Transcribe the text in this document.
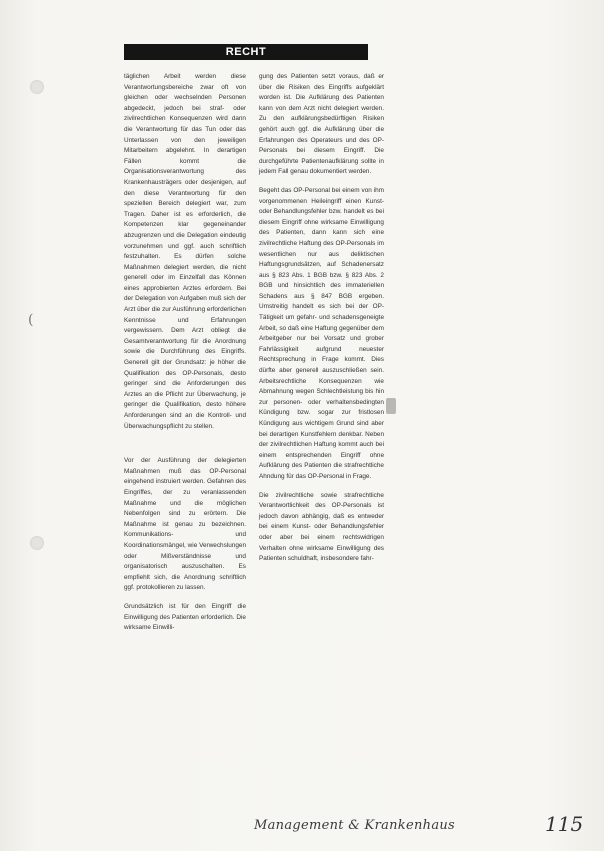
RECHT

täglichen Arbeit werden diese Verantwortungsbereiche zwar oft von gleichen oder wechselnden Personen abgedeckt, jedoch bei straf- oder zivilrechtlichen Konsequenzen wird dann die Verantwortung für das Tun oder das Unterlassen von den jeweiligen Mitarbeitern abgelehnt. In derartigen Fällen kommt die Organisationsverantwortung des Krankenhausträgers oder desjenigen, auf den diese Verantwortung für den speziellen Bereich delegiert war, zum Tragen. Daher ist es erforderlich, die Kompetenzen klar gegeneinander abzugrenzen und die Delegation eindeutig vorzunehmen und ggf. auch schriftlich festzuhalten. Es dürfen solche Maßnahmen delegiert werden, die nicht generell oder im Einzelfall das Können eines approbierten Arztes erfordern. Bei der Delegation von Aufgaben muß sich der Arzt über die zur Ausführung erforderlichen Kenntnisse und Erfahrungen vergewissern. Dem Arzt obliegt die Gesamtverantwortung für die Anordnung sowie die Durchführung des Eingriffs. Generell gilt der Grundsatz: je höher die Qualifikation des OP-Personals, desto geringer sind die Anforderungen des Arztes an die Pflicht zur Überwachung, je geringer die Qualifikation, desto höhere Anforderungen sind an die Kontroll- und Überwachungspflicht zu stellen.

Vor der Ausführung der delegierten Maßnahmen muß das OP-Personal eingehend instruiert werden. Gefahren des Eingriffes, der zu veranlassenden Maßnahme und die möglichen Nebenfolgen sind zu erörtern. Die Maßnahme ist genau zu bezeichnen. Kommunikations- und Koordinationsmängel, wie Verwechslungen oder Mißverständnisse und organisatorisch auszuschalten. Es empfiehlt sich, die Anordnung schriftlich ggf. protokollieren zu lassen.

Grundsätzlich ist für den Eingriff die Einwilligung des Patienten erforderlich. Die wirksame Einwilli-

gung des Patienten setzt voraus, daß er über die Risiken des Eingriffs aufgeklärt worden ist. Die Aufklärung des Patienten kann von dem Arzt nicht delegiert werden. Zu den aufklärungsbedürftigen Risiken gehört auch ggf. die Aufklärung über die Erfahrungen des Operateurs und des OP-Personals bei diesem Eingriff. Die durchgeführte Patientenaufklärung sollte in jedem Fall genau dokumentiert werden.

Begeht das OP-Personal bei einem von ihm vorgenommenen Heileingriff einen Kunst- oder Behandlungsfehler bzw. handelt es bei diesem Eingriff ohne wirksame Einwilligung des Patienten, dann kann sich eine zivilrechtliche Haftung des OP-Personals im wesentlichen nur aus deliktischen Haftungsgrundsätzen, auf Schadenersatz aus § 823 Abs. 1 BGB bzw. § 823 Abs. 2 BGB und hinsichtlich des immateriellen Schadens aus § 847 BGB ergeben. Umstreitig handelt es sich bei der OP-Tätigkeit um gefahr- und schadensgeneigte Arbeit, so daß eine Haftung gegenüber dem Arbeitgeber nur bei Vorsatz und grober Fahrlässigkeit aufgrund neuester Rechtsprechung in Frage kommt. Dies dürfte aber generell auszuschließen sein. Arbeitsrechtliche Konsequenzen wie Abmahnung wegen Schlechtleistung bis hin zur personen- oder verhaltensbedingten Kündigung bzw. sogar zur fristlosen Kündigung aus wichtigem Grund sind aber bei derartigen Kunstfehlern denkbar. Neben der zivilrechtlichen Haftung kommt auch bei einem entsprechenden Eingriff ohne Aufklärung des Patienten die strafrechtliche Ahndung für das OP-Personal in Frage.

Die zivilrechtliche sowie strafrechtliche Verantwortlichkeit des OP-Personals ist jedoch davon abhängig, daß es entweder bei einem Kunst- oder Behandlungsfehler oder aber bei einem rechtswidrigen Verhalten ohne wirksame Einwilligung des Patienten schuldhaft, insbesondere fahr-

(
Management & Krankenhaus	115
